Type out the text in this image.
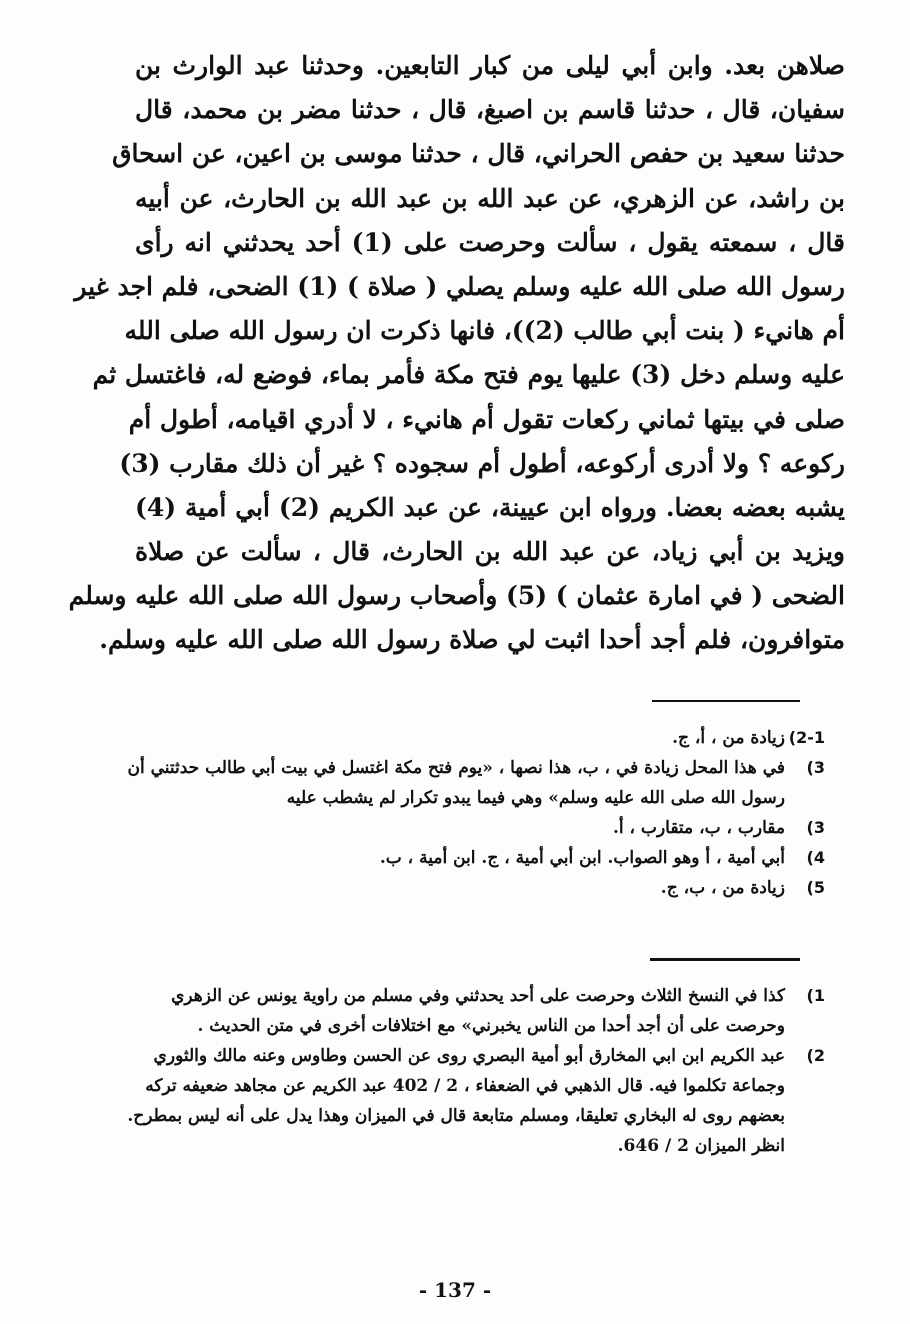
صلاهن بعد. وابن أبي ليلى من كبار التابعين. وحدثنا عبد الوارث بن
سفيان، قال ، حدثنا قاسم بن اصبغ، قال ، حدثنا مضر بن محمد، قال
حدثنا سعيد بن حفص الحراني، قال ، حدثنا موسى بن اعين، عن اسحاق
بن راشد، عن الزهري، عن عبد الله بن عبد الله بن الحارث، عن أبيه
قال ، سمعته يقول ، سألت وحرصت على (1) أحد يحدثني انه رأى
رسول الله صلى الله عليه وسلم يصلي ( صلاة ) (1) الضحى، فلم اجد غير
أم هانيء ( بنت أبي طالب (2))، فانها ذكرت ان رسول الله صلى الله
عليه وسلم دخل (3) عليها يوم فتح مكة فأمر بماء، فوضع له، فاغتسل ثم
صلى في بيتها ثماني ركعات تقول أم هانيء ، لا أدري اقيامه، أطول أم
ركوعه ؟ ولا أدرى أركوعه، أطول أم سجوده ؟ غير أن ذلك مقارب (3)
يشبه بعضه بعضا. ورواه ابن عيينة، عن عبد الكريم (2) أبي أمية (4)
ويزيد بن أبي زياد، عن عبد الله بن الحارث، قال ، سألت عن صلاة
الضحى ( في امارة عثمان ) (5) وأصحاب رسول الله صلى الله عليه وسلم
متوافرون، فلم أجد أحدا اثبت لي صلاة رسول الله صلى الله عليه وسلم.
2-1)
زيادة من ، أ، ج.
3)
في هذا المحل زيادة في ، ب، هذا نصها ، «يوم فتح مكة اغتسل في بيت أبي طالب حدثتني أن رسول الله صلى الله عليه وسلم» وهي فيما يبدو تكرار لم يشطب عليه
3)
مقارب ، ب، متقارب ، أ.
4)
أبي أمية ، أ وهو الصواب. ابن أبي أمية ، ج. ابن أمية ، ب.
5)
زيادة من ، ب، ج.
1)
كذا في النسخ الثلاث وحرصت على أحد يحدثني وفي مسلم من راوية يونس عن الزهري وحرصت على أن أجد أحدا من الناس يخبرني» مع اختلافات أخرى في متن الحديث .
2)
عبد الكريم ابن ابي المخارق أبو أمية البصري روى عن الحسن وطاوس وعنه مالك والثوري وجماعة تكلموا فيه. قال الذهبي في الضعفاء ، 2 / 402 عبد الكريم عن مجاهد ضعيفه تركه بعضهم روى له البخاري تعليقا، ومسلم متابعة قال في الميزان وهذا يدل على أنه ليس بمطرح. انظر الميزان 2 / 646.
- 137 -
